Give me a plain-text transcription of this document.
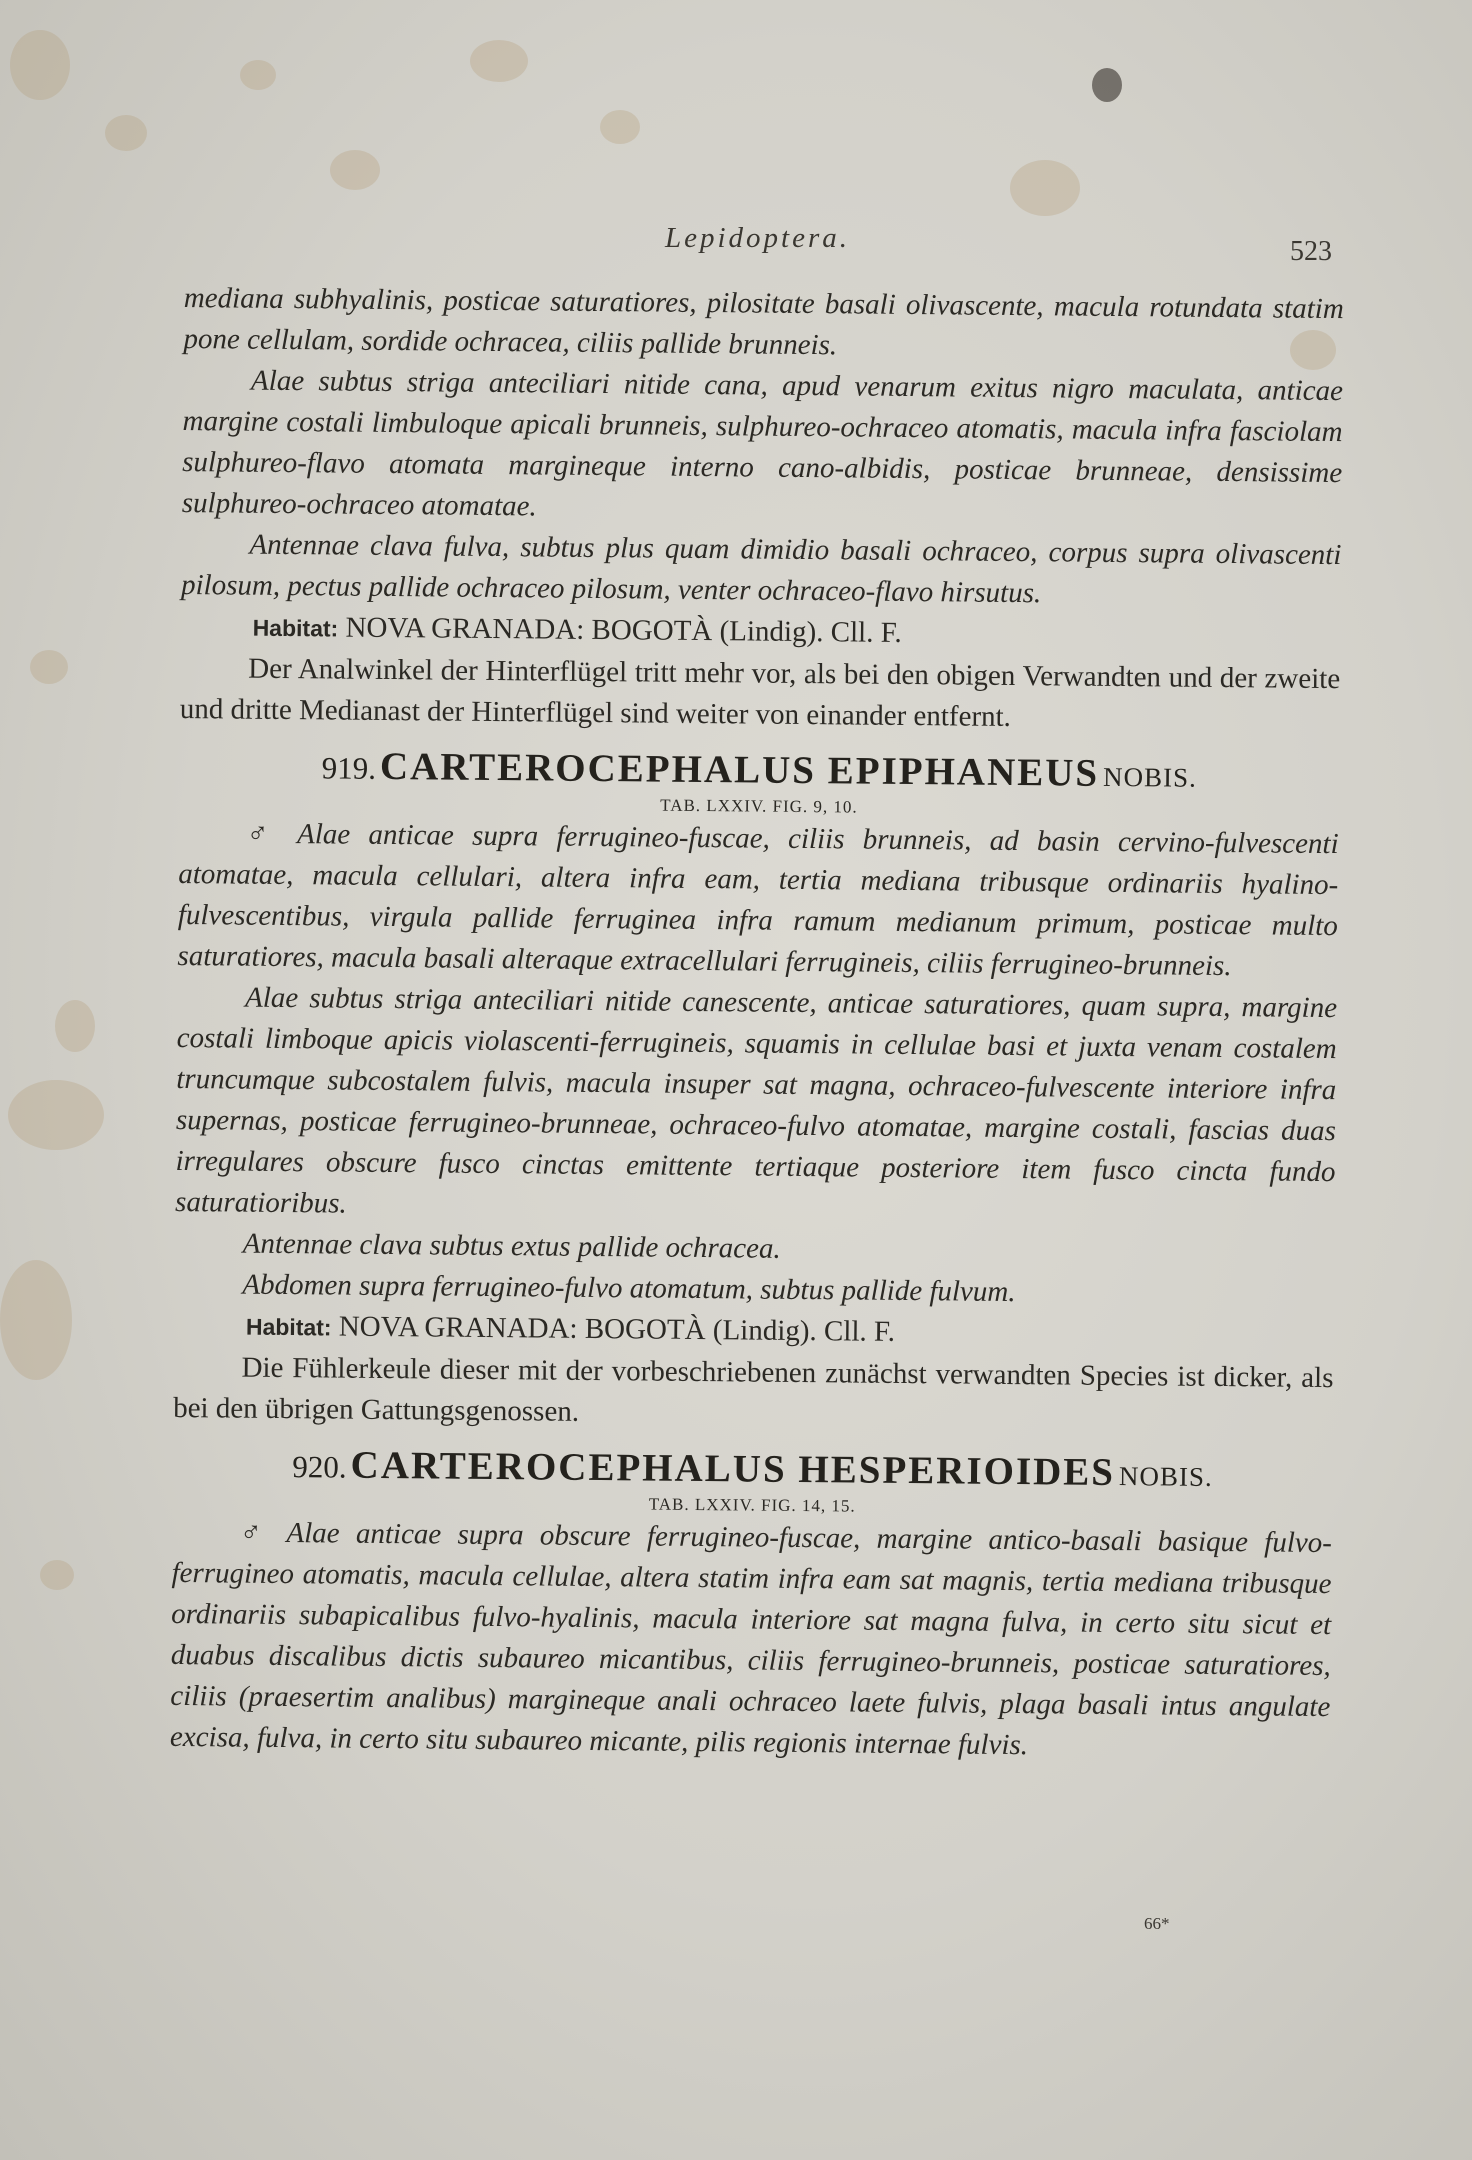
Lepidoptera.	523

mediana subhyalinis, posticae saturatiores, pilositate basali olivascente, macula rotundata statim pone cellulam, sordide ochracea, ciliis pallide brunneis.

Alae subtus striga anteciliari nitide cana, apud venarum exitus nigro maculata, anticae margine costali limbuloque apicali brunneis, sulphureo-ochraceo atomatis, macula infra fasciolam sulphureo-flavo atomata margineque interno cano-albidis, posticae brunneae, densissime sulphureo-ochraceo atomatae.

Antennae clava fulva, subtus plus quam dimidio basali ochraceo, corpus supra olivascenti pilosum, pectus pallide ochraceo pilosum, venter ochraceo-flavo hirsutus.

Habitat: NOVA GRANADA: BOGOTÀ (Lindig). Cll. F.

Der Analwinkel der Hinterflügel tritt mehr vor, als bei den obigen Verwandten und der zweite und dritte Medianast der Hinterflügel sind weiter von einander entfernt.

919. CARTEROCEPHALUS EPIPHANEUS NOBIS.
TAB. LXXIV. FIG. 9, 10.

♂ Alae anticae supra ferrugineo-fuscae, ciliis brunneis, ad basin cervino-fulvescenti atomatae, macula cellulari, altera infra eam, tertia mediana tribusque ordinariis hyalino-fulvescentibus, virgula pallide ferruginea infra ramum medianum primum, posticae multo saturatiores, macula basali alteraque extracellulari ferrugineis, ciliis ferrugineo-brunneis.

Alae subtus striga anteciliari nitide canescente, anticae saturatiores, quam supra, margine costali limboque apicis violascenti-ferrugineis, squamis in cellulae basi et juxta venam costalem truncumque subcostalem fulvis, macula insuper sat magna, ochraceo-fulvescente interiore infra supernas, posticae ferrugineo-brunneae, ochraceo-fulvo atomatae, margine costali, fascias duas irregulares obscure fusco cinctas emittente tertiaque posteriore item fusco cincta fundo saturatioribus.

Antennae clava subtus extus pallide ochracea.

Abdomen supra ferrugineo-fulvo atomatum, subtus pallide fulvum.

Habitat: NOVA GRANADA: BOGOTÀ (Lindig). Cll. F.

Die Fühlerkeule dieser mit der vorbeschriebenen zunächst verwandten Species ist dicker, als bei den übrigen Gattungsgenossen.

920. CARTEROCEPHALUS HESPERIOIDES NOBIS.
TAB. LXXIV. FIG. 14, 15.

♂ Alae anticae supra obscure ferrugineo-fuscae, margine antico-basali basique fulvo-ferrugineo atomatis, macula cellulae, altera statim infra eam sat magnis, tertia mediana tribusque ordinariis subapicalibus fulvo-hyalinis, macula interiore sat magna fulva, in certo situ sicut et duabus discalibus dictis subaureo micantibus, ciliis ferrugineo-brunneis, posticae saturatiores, ciliis (praesertim analibus) margineque anali ochraceo laete fulvis, plaga basali intus angulate excisa, fulva, in certo situ subaureo micante, pilis regionis internae fulvis.

66*
